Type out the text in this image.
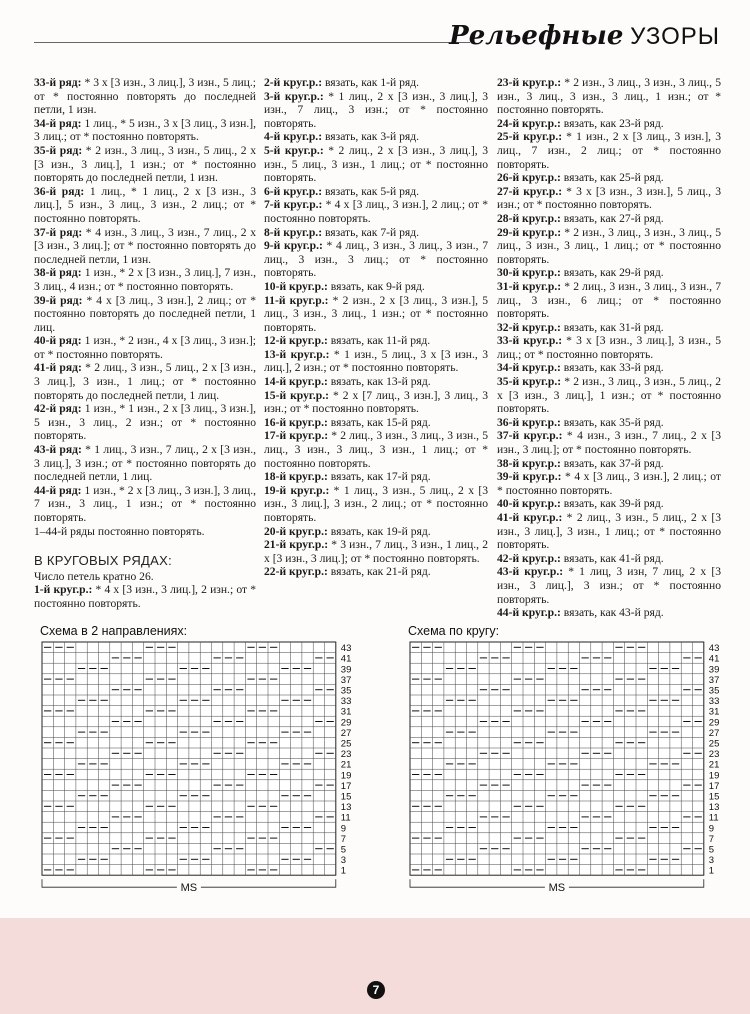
Рельефные УЗОРЫ

33-й ряд: * 3 х [3 изн., 3 лиц.], 3 изн., 5 лиц.; от * постоянно повторять до последней петли, 1 изн.

34-й ряд: 1 лиц., * 5 изн., 3 х [3 лиц., 3 изн.], 3 лиц.; от * постоянно повторять.

35-й ряд: * 2 изн., 3 лиц., 3 изн., 5 лиц., 2 х [3 изн., 3 лиц.], 1 изн.; от * постоянно повторять до последней петли, 1 изн.

36-й ряд: 1 лиц., * 1 лиц., 2 х [3 изн., 3 лиц.], 5 изн., 3 лиц., 3 изн., 2 лиц.; от * постоянно повторять.

37-й ряд: * 4 изн., 3 лиц., 3 изн., 7 лиц., 2 х [3 изн., 3 лиц.]; от * постоянно повторять до последней петли, 1 изн.

38-й ряд: 1 изн., * 2 х [3 изн., 3 лиц.], 7 изн., 3 лиц., 4 изн.; от * постоянно повторять.

39-й ряд: * 4 х [3 лиц., 3 изн.], 2 лиц.; от * постоянно повторять до последней петли, 1 лиц.

40-й ряд: 1 изн., * 2 изн., 4 х [3 лиц., 3 изн.]; от * постоянно повторять.

41-й ряд: * 2 лиц., 3 изн., 5 лиц., 2 х [3 изн., 3 лиц.], 3 изн., 1 лиц.; от * постоянно повторять до последней петли, 1 лиц.

42-й ряд: 1 изн., * 1 изн., 2 х [3 лиц., 3 изн.], 5 изн., 3 лиц., 2 изн.; от * постоянно повторять.

43-й ряд: * 1 лиц., 3 изн., 7 лиц., 2 х [3 изн., 3 лиц.], 3 изн.; от * постоянно повторять до последней петли, 1 лиц.

44-й ряд: 1 изн., * 2 х [3 лиц., 3 изн.], 3 лиц., 7 изн., 3 лиц., 1 изн.; от * постоянно повторять.

1–44-й ряды постоянно повторять.

В КРУГОВЫХ РЯДАХ:

Число петель кратно 26.

1-й круг.р.: * 4 х [3 изн., 3 лиц.], 2 изн.; от * постоянно повторять.

2-й круг.р.: вязать, как 1-й ряд.

3-й круг.р.: * 1 лиц., 2 х [3 изн., 3 лиц.], 3 изн., 7 лиц., 3 изн.; от * постоянно повторять.

4-й круг.р.: вязать, как 3-й ряд.

5-й круг.р.: * 2 лиц., 2 х [3 изн., 3 лиц.], 3 изн., 5 лиц., 3 изн., 1 лиц.; от * постоянно повторять.

6-й круг.р.: вязать, как 5-й ряд.

7-й круг.р.: * 4 х [3 лиц., 3 изн.], 2 лиц.; от * постоянно повторять.

8-й круг.р.: вязать, как 7-й ряд.

9-й круг.р.: * 4 лиц., 3 изн., 3 лиц., 3 изн., 7 лиц., 3 изн., 3 лиц.; от * постоянно повторять.

10-й круг.р.: вязать, как 9-й ряд.

11-й круг.р.: * 2 изн., 2 х [3 лиц., 3 изн.], 5 лиц., 3 изн., 3 лиц., 1 изн.; от * постоянно повторять.

12-й круг.р.: вязать, как 11-й ряд.

13-й круг.р.: * 1 изн., 5 лиц., 3 х [3 изн., 3 лиц.], 2 изн.; от * постоянно повторять.

14-й круг.р.: вязать, как 13-й ряд.

15-й круг.р.: * 2 х [7 лиц., 3 изн.], 3 лиц., 3 изн.; от * постоянно повторять.

16-й круг.р.: вязать, как 15-й ряд.

17-й круг.р.: * 2 лиц., 3 изн., 3 лиц., 3 изн., 5 лиц., 3 изн., 3 лиц., 3 изн., 1 лиц.; от * постоянно повторять.

18-й круг.р.: вязать, как 17-й ряд.

19-й круг.р.: * 1 лиц., 3 изн., 5 лиц., 2 х [3 изн., 3 лиц.], 3 изн., 2 лиц.; от * постоянно повторять.

20-й круг.р.: вязать, как 19-й ряд.

21-й круг.р.: * 3 изн., 7 лиц., 3 изн., 1 лиц., 2 х [3 изн., 3 лиц.]; от * постоянно повторять.

22-й круг.р.: вязать, как 21-й ряд.

23-й круг.р.: * 2 изн., 3 лиц., 3 изн., 3 лиц., 5 изн., 3 лиц., 3 изн., 3 лиц., 1 изн.; от * постоянно повторять.

24-й круг.р.: вязать, как 23-й ряд.

25-й круг.р.: * 1 изн., 2 х [3 лиц., 3 изн.], 3 лиц., 7 изн., 2 лиц.; от * постоянно повторять.

26-й круг.р.: вязать, как 25-й ряд.

27-й круг.р.: * 3 х [3 изн., 3 изн.], 5 лиц., 3 изн.; от * постоянно повторять.

28-й круг.р.: вязать, как 27-й ряд.

29-й круг.р.: * 2 изн., 3 лиц., 3 изн., 3 лиц., 5 лиц., 3 изн., 3 лиц., 1 лиц.; от * постоянно повторять.

30-й круг.р.: вязать, как 29-й ряд.

31-й круг.р.: * 2 лиц., 3 изн., 3 лиц., 3 изн., 7 лиц., 3 изн., 6 лиц.; от * постоянно повторять.

32-й круг.р.: вязать, как 31-й ряд.

33-й круг.р.: * 3 х [3 изн., 3 лиц.], 3 изн., 5 лиц.; от * постоянно повторять.

34-й круг.р.: вязать, как 33-й ряд.

35-й круг.р.: * 2 изн., 3 лиц., 3 изн., 5 лиц., 2 х [3 изн., 3 лиц.], 1 изн.; от * постоянно повторять.

36-й круг.р.: вязать, как 35-й ряд.

37-й круг.р.: * 4 изн., 3 изн., 7 лиц., 2 х [3 изн., 3 лиц.]; от * постоянно повторять.

38-й круг.р.: вязать, как 37-й ряд.

39-й круг.р.: * 4 х [3 лиц., 3 изн.], 2 лиц.; от * постоянно повторять.

40-й круг.р.: вязать, как 39-й ряд.

41-й круг.р.: * 2 лиц., 3 изн., 5 лиц., 2 х [3 изн., 3 лиц.], 3 изн., 1 лиц.; от * постоянно повторять.

42-й круг.р.: вязать, как 41-й ряд.

43-й круг.р.: * 1 лиц, 3 изн, 7 лиц, 2 х [3 изн., 3 лиц.], 3 изн.; от * постоянно повторять.

44-й круг.р.: вязать, как 43-й ряд.

Схема в 2 направлениях:
43
41
39
37
35
33
31
29
27
25
23
21
19
17
15
13
11
9
7
5
3
1
MS
Схема по кругу:
43
41
39
37
35
33
31
29
27
25
23
21
19
17
15
13
11
9
7
5
3
1
MS
7
